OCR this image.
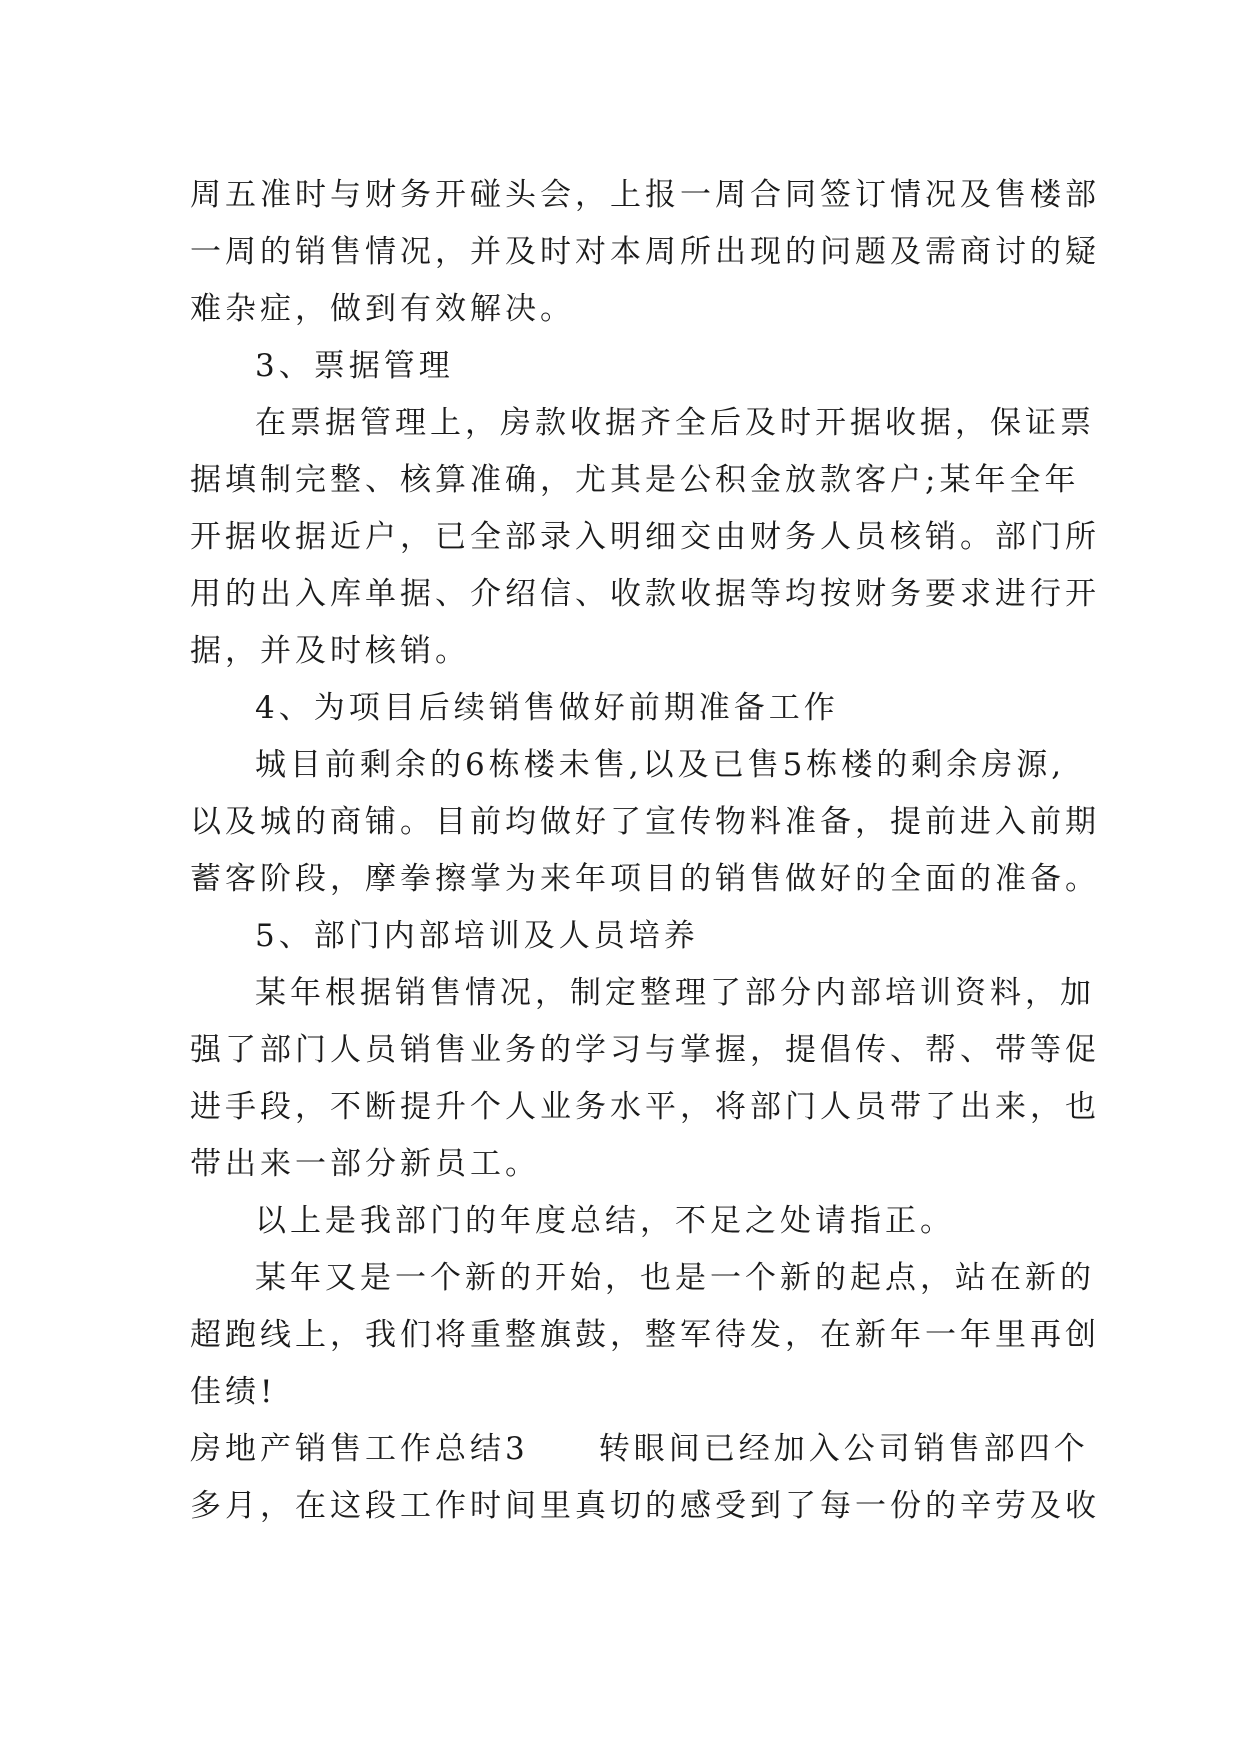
周五准时与财务开碰头会，上报一周合同签订情况及售楼部
一周的销售情况，并及时对本周所出现的问题及需商讨的疑
难杂症，做到有效解决。
3、票据管理
在票据管理上，房款收据齐全后及时开据收据，保证票
据填制完整、核算准确，尤其是公积金放款客户;某年全年
开据收据近户，已全部录入明细交由财务人员核销。部门所
用的出入库单据、介绍信、收款收据等均按财务要求进行开
据，并及时核销。
4、为项目后续销售做好前期准备工作
城目前剩余的6栋楼未售,以及已售5栋楼的剩余房源,
以及城的商铺。目前均做好了宣传物料准备，提前进入前期
蓄客阶段，摩拳擦掌为来年项目的销售做好的全面的准备。
5、部门内部培训及人员培养
某年根据销售情况，制定整理了部分内部培训资料，加
强了部门人员销售业务的学习与掌握，提倡传、帮、带等促
进手段，不断提升个人业务水平，将部门人员带了出来，也
带出来一部分新员工。
以上是我部门的年度总结，不足之处请指正。
某年又是一个新的开始，也是一个新的起点，站在新的
超跑线上，我们将重整旗鼓，整军待发，在新年一年里再创
佳绩!
房地产销售工作总结3 转眼间已经加入公司销售部四个
多月，在这段工作时间里真切的感受到了每一份的辛劳及收
